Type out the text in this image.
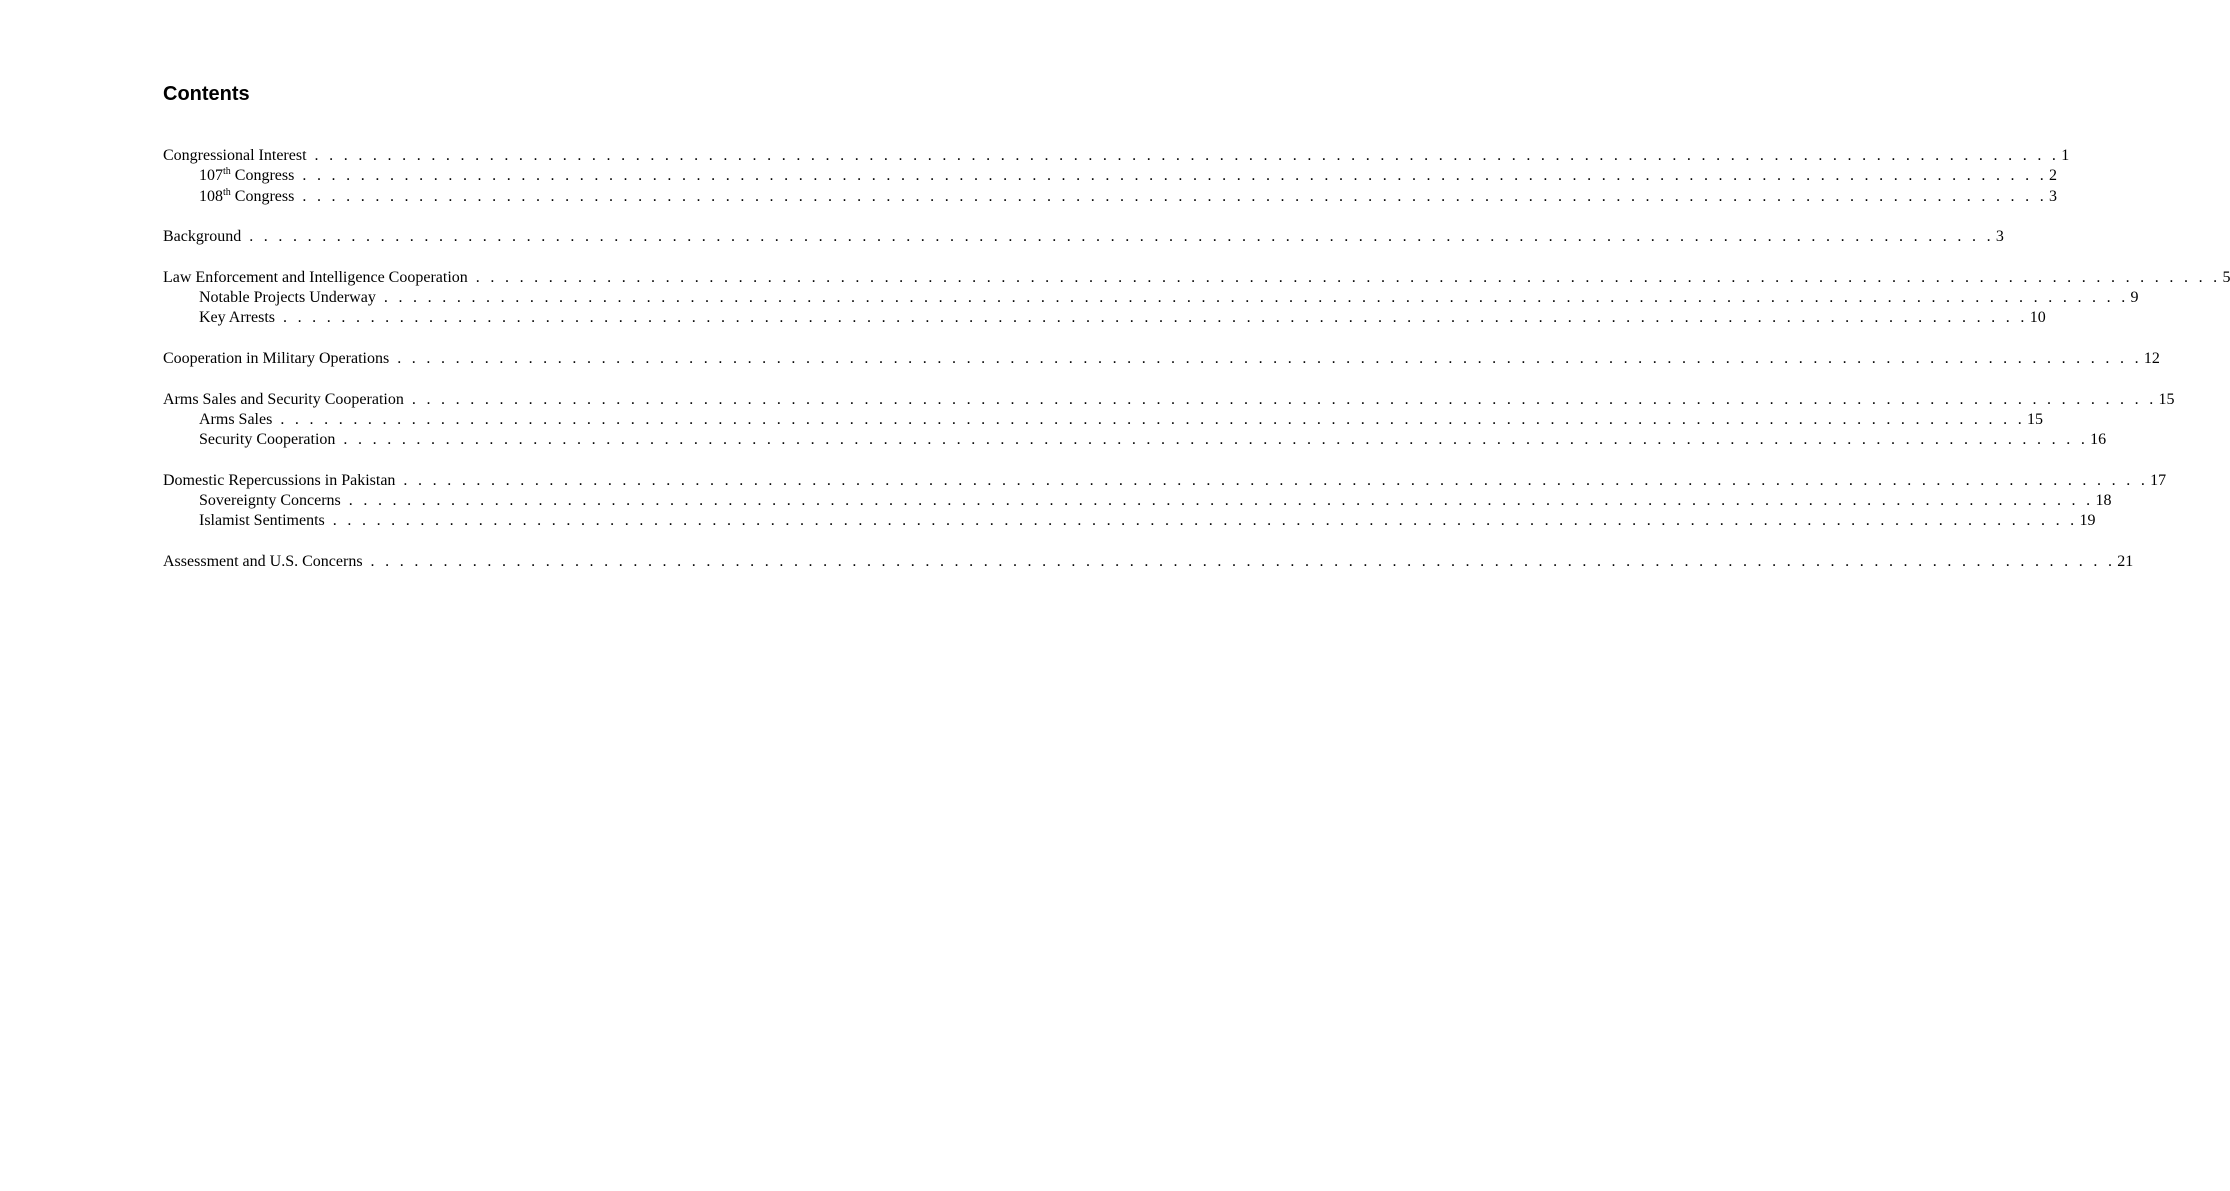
Contents
Congressional Interest . . . . . . . . . . . . . . . . . . . . . . . . . . . . . . . . . . . . . . . . . . . . . . . . . . . . . . . . . . . . . . . . . . . . . . . . . . . . . . . . . . . . . . . . . . . . . . . . . . . . . . . . . . . . . . . . . . . . . . . . 1
107th Congress . . . . . . . . . . . . . . . . . . . . . . . . . . . . . . . . . . . . . . . . . . . . . . . . . . . . . . . . . . . . . . . . . . . . . . . . . . . . . . . . . . . . . . . . . . . . . . . . . . . . . . . . . . . . . . . . . . . . . . . . 2
108th Congress . . . . . . . . . . . . . . . . . . . . . . . . . . . . . . . . . . . . . . . . . . . . . . . . . . . . . . . . . . . . . . . . . . . . . . . . . . . . . . . . . . . . . . . . . . . . . . . . . . . . . . . . . . . . . . . . . . . . . . . . 3
Background . . . . . . . . . . . . . . . . . . . . . . . . . . . . . . . . . . . . . . . . . . . . . . . . . . . . . . . . . . . . . . . . . . . . . . . . . . . . . . . . . . . . . . . . . . . . . . . . . . . . . . . . . . . . . . . . . . . . . . . . 3
Law Enforcement and Intelligence Cooperation . . . . . . . . . . . . . . . . . . . . . . . . . . . . . . . . . . . . . . . . . . . . . . . . . . . . . . . . . . . . . . . . . . . . . . . . . . . . . . . . . . . . . . . . . . . . . . . . . . . . . . . . . . . . . . . . . . . . . . . . 5
Notable Projects Underway . . . . . . . . . . . . . . . . . . . . . . . . . . . . . . . . . . . . . . . . . . . . . . . . . . . . . . . . . . . . . . . . . . . . . . . . . . . . . . . . . . . . . . . . . . . . . . . . . . . . . . . . . . . . . . . . . . . . . . . . 9
Key Arrests . . . . . . . . . . . . . . . . . . . . . . . . . . . . . . . . . . . . . . . . . . . . . . . . . . . . . . . . . . . . . . . . . . . . . . . . . . . . . . . . . . . . . . . . . . . . . . . . . . . . . . . . . . . . . . . . . . . . . . . . 10
Cooperation in Military Operations . . . . . . . . . . . . . . . . . . . . . . . . . . . . . . . . . . . . . . . . . . . . . . . . . . . . . . . . . . . . . . . . . . . . . . . . . . . . . . . . . . . . . . . . . . . . . . . . . . . . . . . . . . . . . . . . . . . . . . . . 12
Arms Sales and Security Cooperation . . . . . . . . . . . . . . . . . . . . . . . . . . . . . . . . . . . . . . . . . . . . . . . . . . . . . . . . . . . . . . . . . . . . . . . . . . . . . . . . . . . . . . . . . . . . . . . . . . . . . . . . . . . . . . . . . . . . . . . . 15
Arms Sales . . . . . . . . . . . . . . . . . . . . . . . . . . . . . . . . . . . . . . . . . . . . . . . . . . . . . . . . . . . . . . . . . . . . . . . . . . . . . . . . . . . . . . . . . . . . . . . . . . . . . . . . . . . . . . . . . . . . . . . . 15
Security Cooperation . . . . . . . . . . . . . . . . . . . . . . . . . . . . . . . . . . . . . . . . . . . . . . . . . . . . . . . . . . . . . . . . . . . . . . . . . . . . . . . . . . . . . . . . . . . . . . . . . . . . . . . . . . . . . . . . . . . . . . . . 16
Domestic Repercussions in Pakistan . . . . . . . . . . . . . . . . . . . . . . . . . . . . . . . . . . . . . . . . . . . . . . . . . . . . . . . . . . . . . . . . . . . . . . . . . . . . . . . . . . . . . . . . . . . . . . . . . . . . . . . . . . . . . . . . . . . . . . . . 17
Sovereignty Concerns . . . . . . . . . . . . . . . . . . . . . . . . . . . . . . . . . . . . . . . . . . . . . . . . . . . . . . . . . . . . . . . . . . . . . . . . . . . . . . . . . . . . . . . . . . . . . . . . . . . . . . . . . . . . . . . . . . . . . . . . 18
Islamist Sentiments . . . . . . . . . . . . . . . . . . . . . . . . . . . . . . . . . . . . . . . . . . . . . . . . . . . . . . . . . . . . . . . . . . . . . . . . . . . . . . . . . . . . . . . . . . . . . . . . . . . . . . . . . . . . . . . . . . . . . . . . 19
Assessment and U.S. Concerns . . . . . . . . . . . . . . . . . . . . . . . . . . . . . . . . . . . . . . . . . . . . . . . . . . . . . . . . . . . . . . . . . . . . . . . . . . . . . . . . . . . . . . . . . . . . . . . . . . . . . . . . . . . . . . . . . . . . . . . . 21
